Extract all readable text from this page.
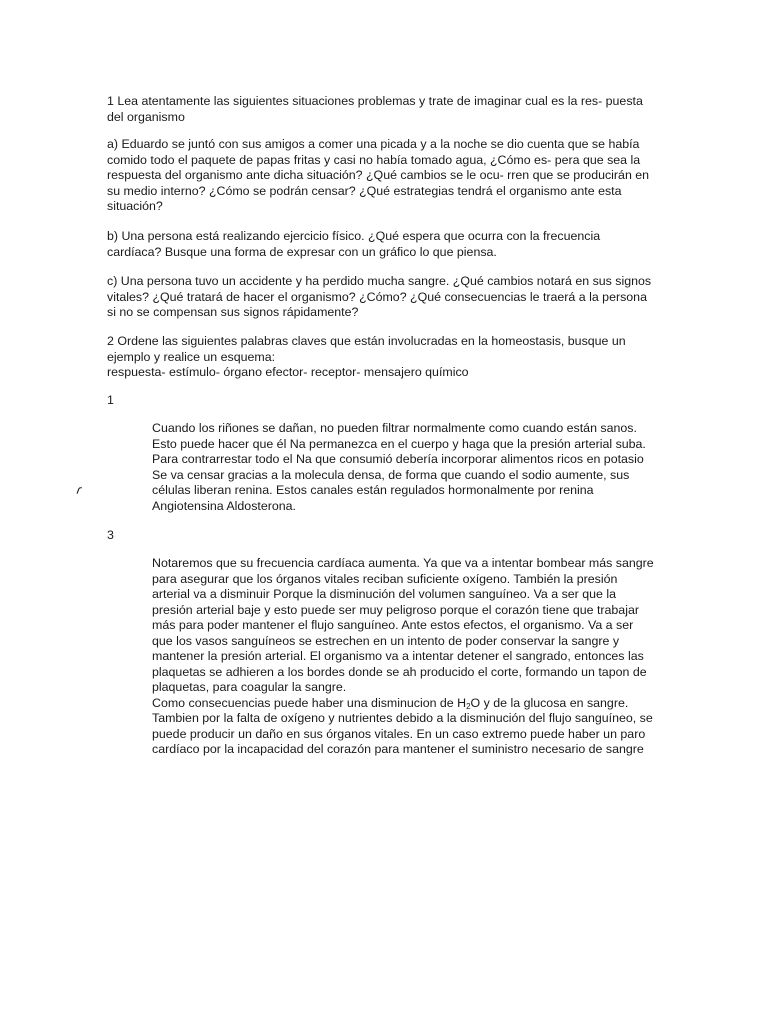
1 Lea atentamente las siguientes situaciones problemas y trate de imaginar cual es la res- puesta
del organismo
a) Eduardo se juntó con sus amigos a comer una picada y a la noche se dio cuenta que se había
comido todo el paquete de papas fritas y casi no había tomado agua, ¿Cómo es- pera que sea la
respuesta del organismo ante dicha situación? ¿Qué cambios se le ocu- rren que se producirán en
su medio interno? ¿Cómo se podrán censar? ¿Qué estrategias tendrá el organismo ante esta
situación?
b) Una persona está realizando ejercicio físico. ¿Qué espera que ocurra con la frecuencia
cardíaca? Busque una forma de expresar con un gráfico lo que piensa.
c) Una persona tuvo un accidente y ha perdido mucha sangre. ¿Qué cambios notará en sus signos
vitales? ¿Qué tratará de hacer el organismo? ¿Cómo? ¿Qué consecuencias le traerá a la persona
si no se compensan sus signos rápidamente?
2 Ordene las siguientes palabras claves que están involucradas en la homeostasis, busque un
ejemplo y realice un esquema:
respuesta- estímulo- órgano efector- receptor- mensajero químico
1
Cuando los riñones se dañan, no pueden filtrar normalmente como cuando están sanos.
Esto puede hacer que él Na permanezca en el cuerpo y haga que la presión arterial suba.
Para contrarrestar todo el Na que consumió debería incorporar alimentos ricos en potasio
Se va censar gracias a la molecula densa, de forma que cuando el sodio aumente, sus
células liberan renina. Estos canales están regulados hormonalmente por renina
Angiotensina Aldosterona.
ɾ
3
Notaremos que su frecuencia cardíaca aumenta. Ya que va a intentar bombear más sangre
para asegurar que los órganos vitales reciban suficiente oxígeno. También la presión
arterial va a disminuir Porque la disminución del volumen sanguíneo. Va a ser que la
presión arterial baje y esto puede ser muy peligroso porque el corazón tiene que trabajar
más para poder mantener el flujo sanguíneo. Ante estos efectos, el organismo. Va a ser
que los vasos sanguíneos se estrechen en un intento de poder conservar la sangre y
mantener la presión arterial. El organismo va a intentar detener el sangrado, entonces las
plaquetas se adhieren a los bordes donde se ah producido el corte, formando un tapon de
plaquetas, para coagular la sangre.
Como consecuencias puede haber una disminucion de $H_2O$ y de la glucosa en sangre.
Tambien por la falta de oxígeno y nutrientes debido a la disminución del flujo sanguíneo, se
puede producir un daño en sus órganos vitales. En un caso extremo puede haber un paro
cardíaco por la incapacidad del corazón para mantener el suministro necesario de sangre
